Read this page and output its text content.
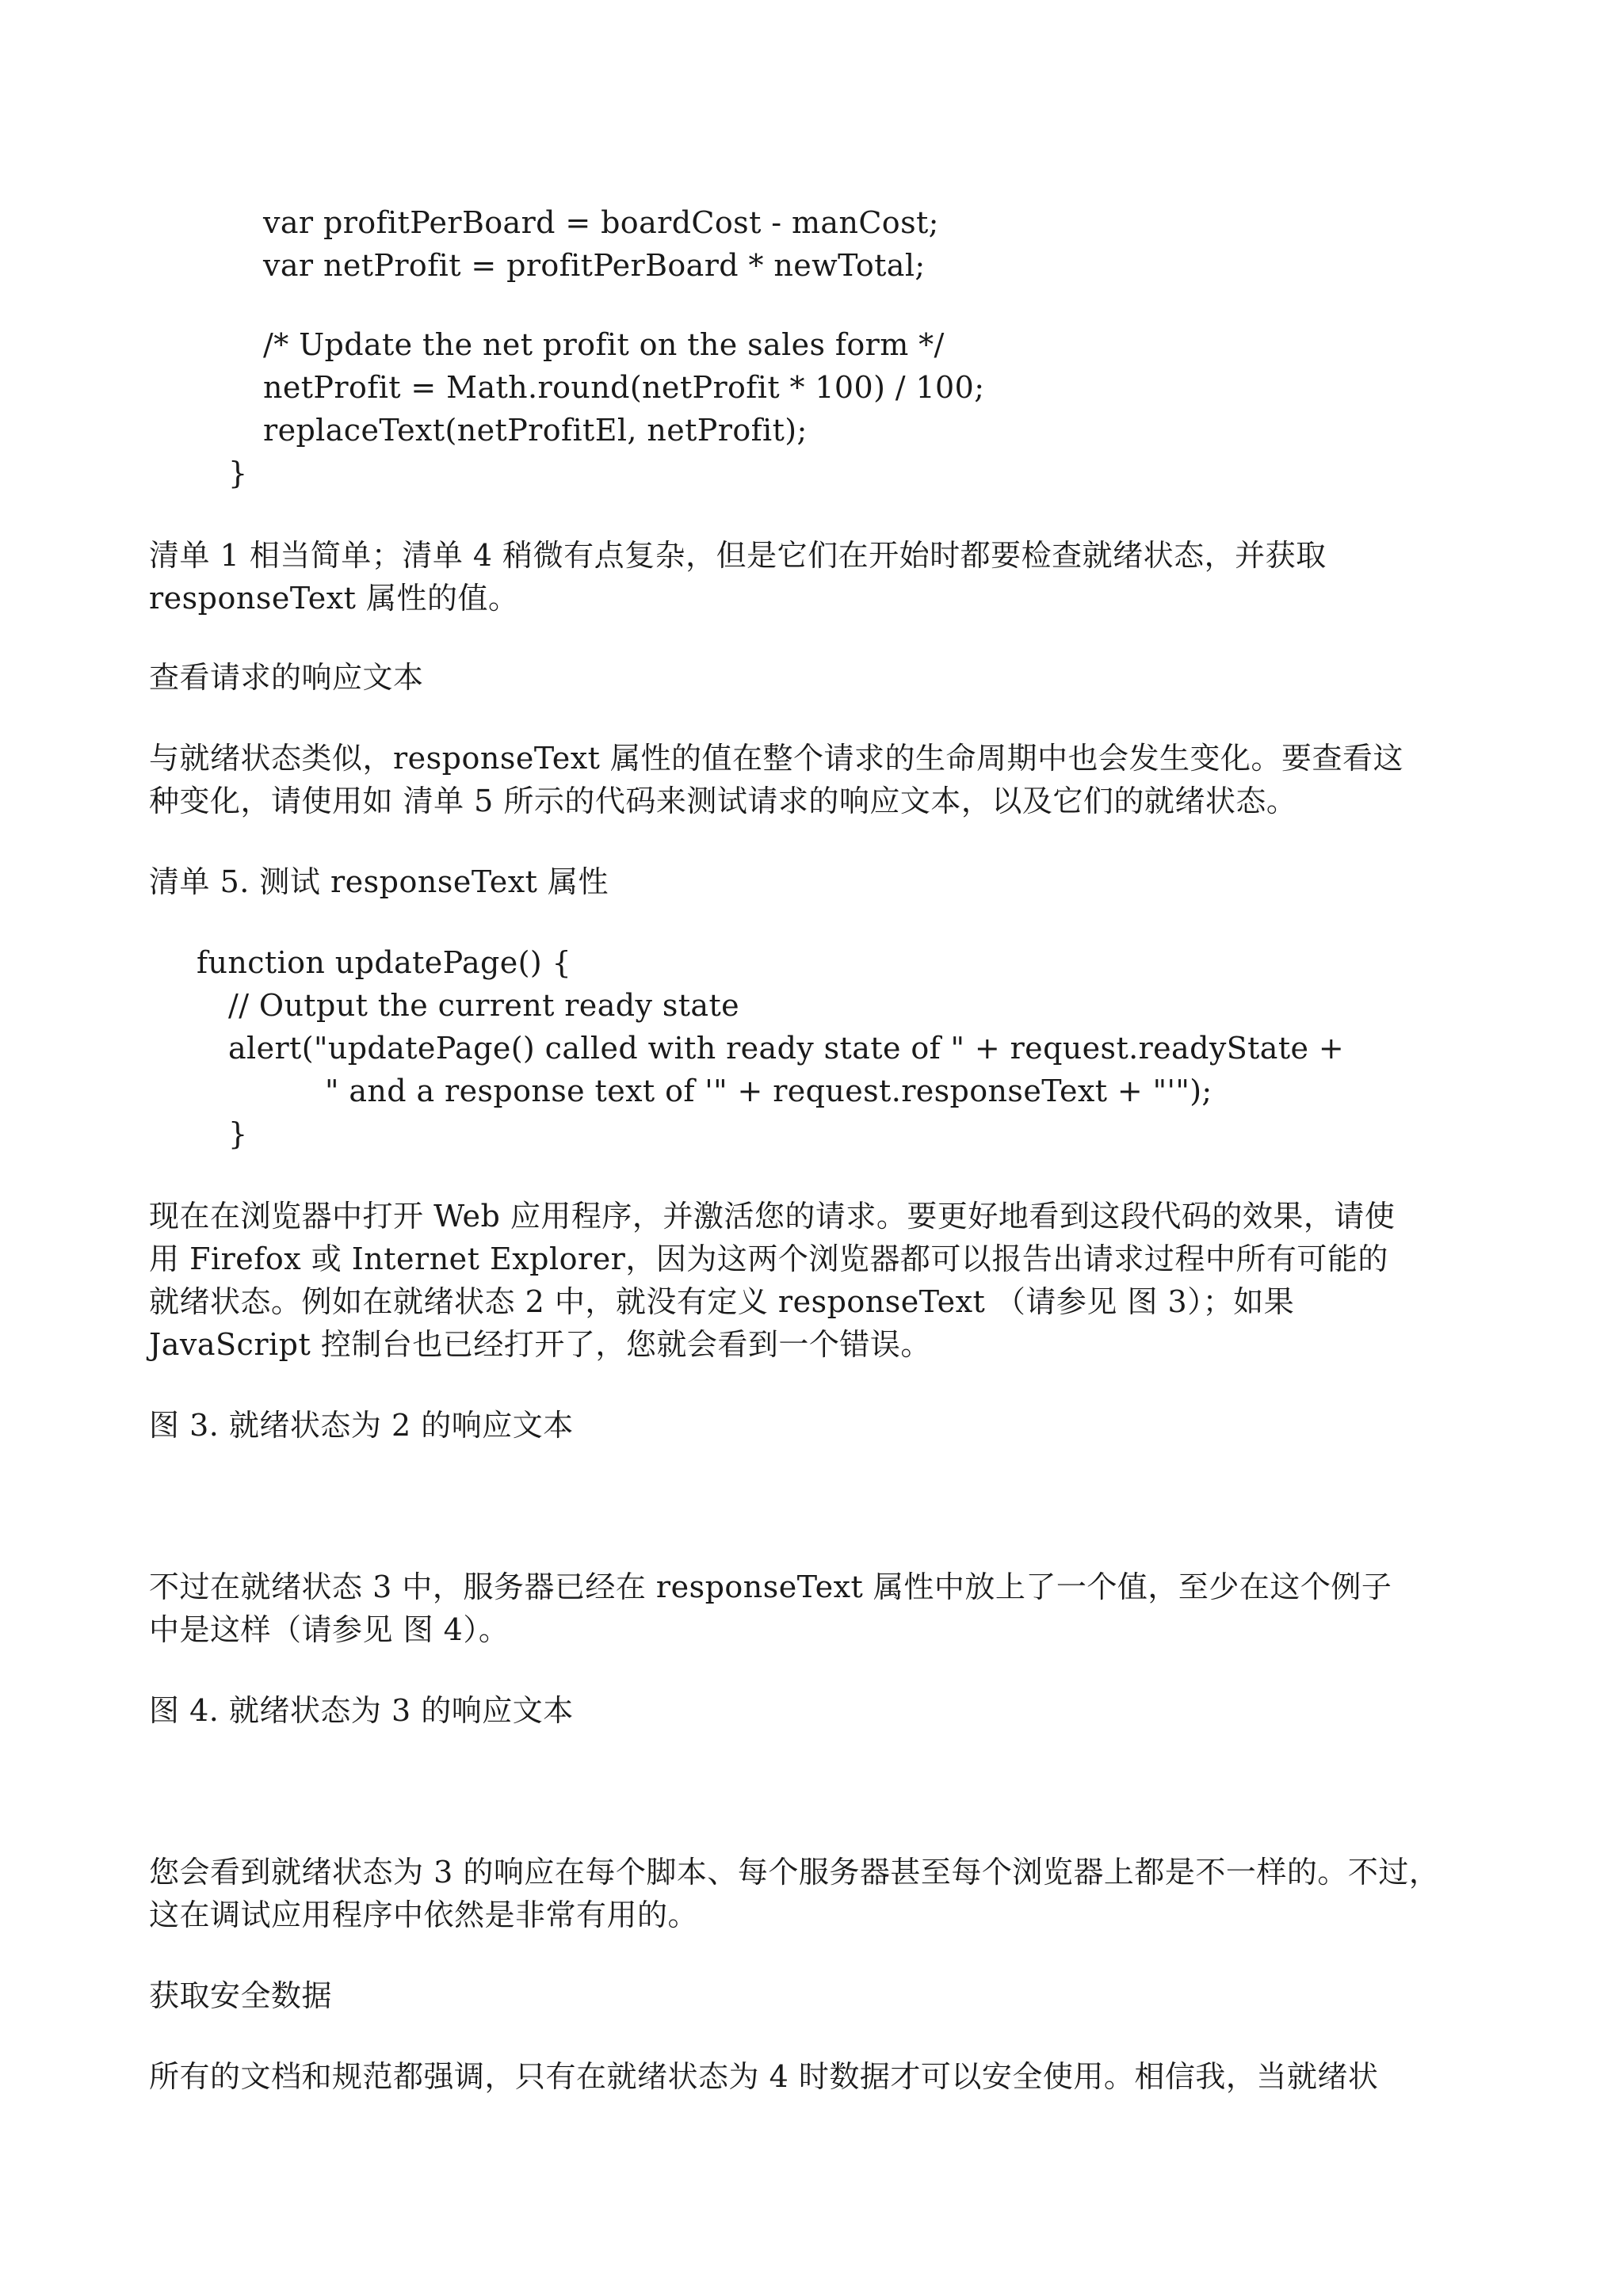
var profitPerBoard = boardCost - manCost;
var netProfit = profitPerBoard * newTotal;
/* Update the net profit on the sales form */
netProfit = Math.round(netProfit * 100) / 100;
replaceText(netProfitEl, netProfit);
}
清单 1 相当简单；清单 4 稍微有点复杂，但是它们在开始时都要检查就绪状态，并获取
responseText 属性的值。
查看请求的响应文本
与就绪状态类似，responseText 属性的值在整个请求的生命周期中也会发生变化。要查看这
种变化，请使用如 清单 5 所示的代码来测试请求的响应文本，以及它们的就绪状态。
清单 5. 测试 responseText 属性
function updatePage() {
// Output the current ready state
alert("updatePage() called with ready state of " + request.readyState +
" and a response text of '" + request.responseText + "'");
}
现在在浏览器中打开 Web 应用程序，并激活您的请求。要更好地看到这段代码的效果，请使
用 Firefox 或 Internet Explorer，因为这两个浏览器都可以报告出请求过程中所有可能的
就绪状态。例如在就绪状态 2 中，就没有定义 responseText （请参见 图 3）；如果
JavaScript 控制台也已经打开了，您就会看到一个错误。
图 3. 就绪状态为 2 的响应文本
不过在就绪状态 3 中，服务器已经在 responseText 属性中放上了一个值，至少在这个例子
中是这样（请参见 图 4）。
图 4. 就绪状态为 3 的响应文本
您会看到就绪状态为 3 的响应在每个脚本、每个服务器甚至每个浏览器上都是不一样的。不过，
这在调试应用程序中依然是非常有用的。
获取安全数据
所有的文档和规范都强调，只有在就绪状态为 4 时数据才可以安全使用。相信我，当就绪状
